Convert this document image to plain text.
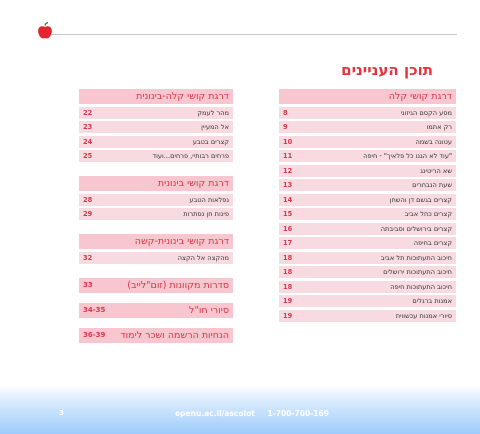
תוכן העניינים
דרגת קושי קלה
מסע הקסם הגיזוני
8
רק אתמו
9
עטונה בשמה
10
"עוד לא הגנו כל פלאיך" - חיפה
11
שא הריטינג
12
שעת הנבחרים
13
קצרים בגשם דן והשחן
14
קצרים כחל אביב
15
קצרים בירושלים וסביבתה
16
קצרים בחיפה
17
חיכוב התעתוכות תל אביב
18
חיכוב התעתוכות ירושלים
18
חיכוב התעתוכות חיפה
18
אמנות ברגלים
19
סיורי אמנות עכשווית
19
דרגת קושי קלה-בינונית
מהר לעמק
22
אל המעיין
23
קצרים בטבע
24
פרחים רבותיי, פרחים...ועוד
25
דרגת קושי בינונית
נפלאות הטבע
28
פינות חן נסתרות
29
דרגת קושי בינונית-קשה
מהקצה אל הקצה
32
סדרות מקוונות (זום"לייב)
33
סיורי חו"ל
34-35
הנחיות הרשמה ושכר לימוד
36-39
openu.ac.il/ascolot 1-700-700-169
3
